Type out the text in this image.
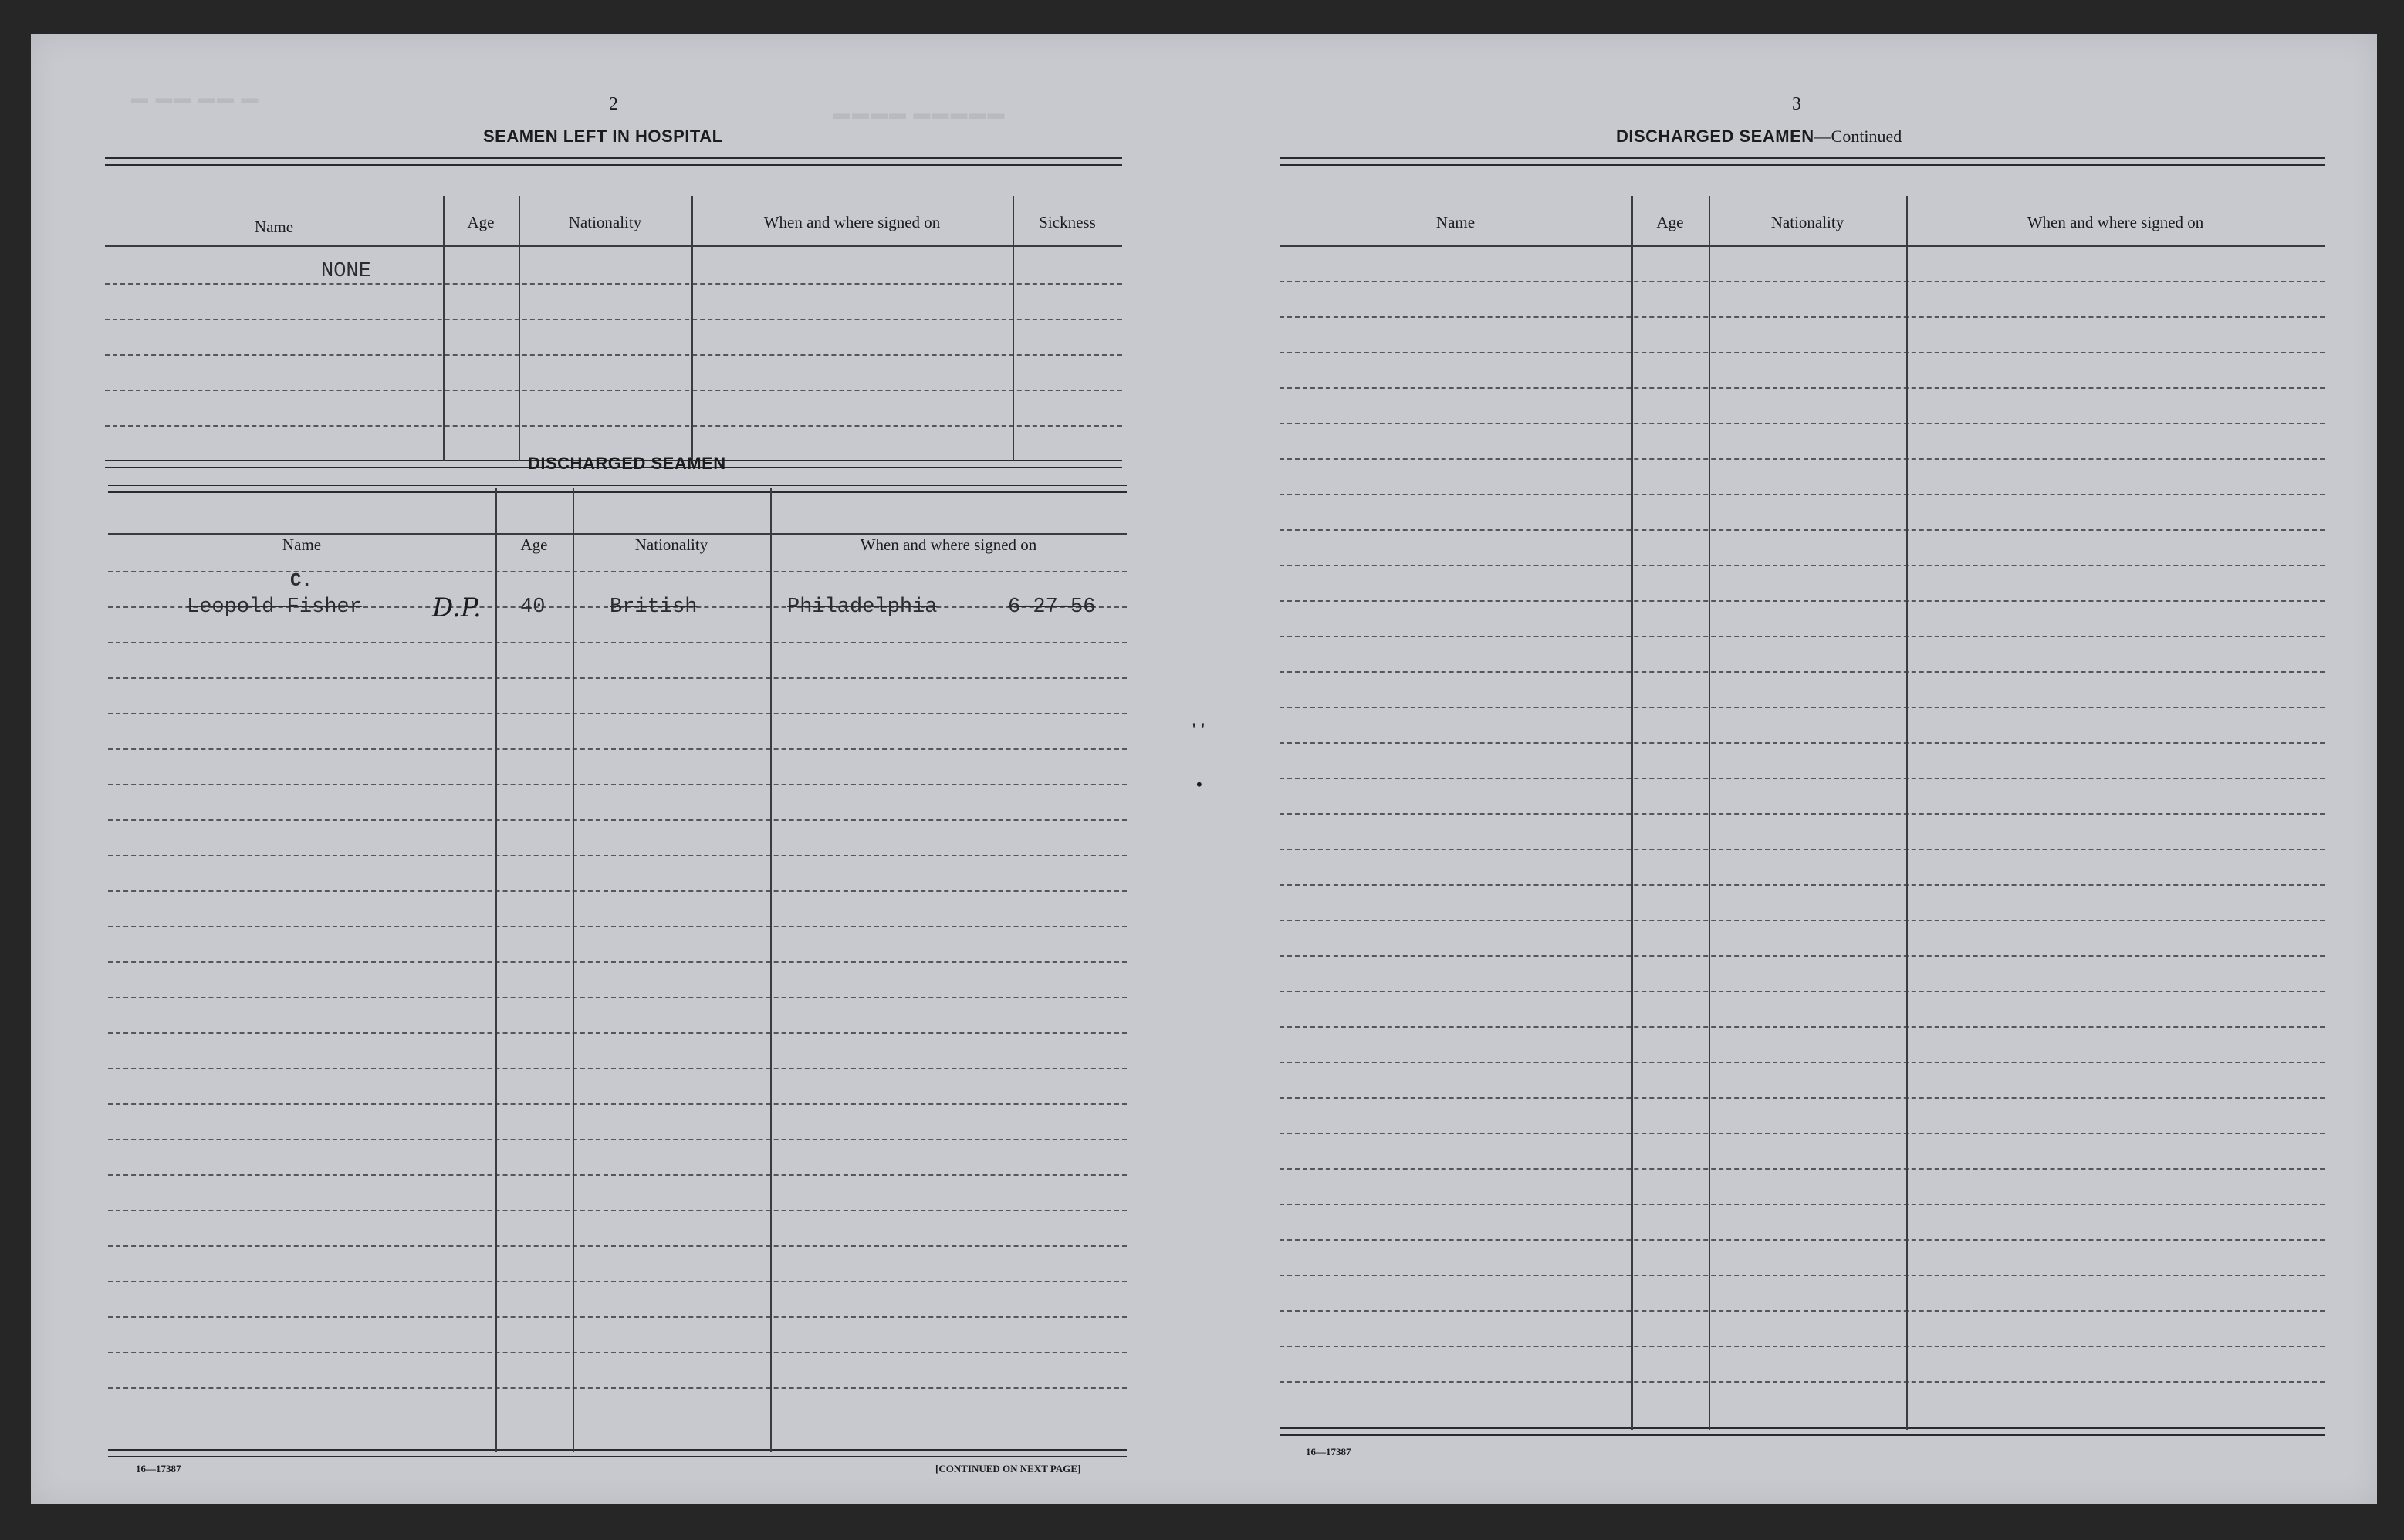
▬ ▬▬ ▬▬ ▬
▬▬▬▬ ▬▬▬▬▬
2
SEAMEN LEFT IN HOSPITAL
Name	Age	Nationality	When and where signed on	Sickness
NONE
DISCHARGED SEAMEN
Name	Age	Nationality	When and where signed on
C.
Leopold Fisher	D.P. 40	British	Philadelphia	6-27-56
16—17387	[CONTINUED ON NEXT PAGE]
' '
•
3
DISCHARGED SEAMEN—Continued
Name	Age	Nationality	When and where signed on
16—17387
